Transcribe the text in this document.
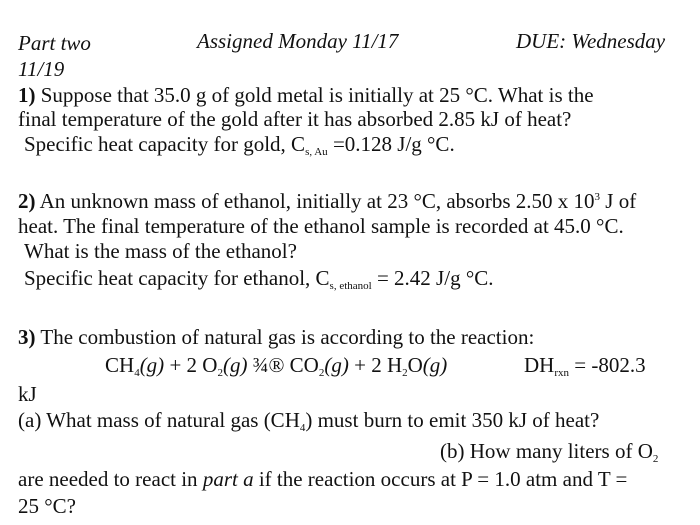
Part two	Assigned Monday 11/17	DUE: Wednesday
11/19
1) Suppose that 35.0 g of gold metal is initially at 25 °C. What is the
final temperature of the gold after it has absorbed 2.85 kJ of heat?
Specific heat capacity for gold, $C_{s, Au} =0.128$ J/g °C.
2) An unknown mass of ethanol, initially at 23 °C, absorbs 2.50 x $10^3$ J of
heat. The final temperature of the ethanol sample is recorded at 45.0 °C.
What is the mass of the ethanol?
Specific heat capacity for ethanol, $C_{s, ethanol} = 2.42$ J/g °C.
3) The combustion of natural gas is according to the reaction:
$CH_4(g) + 2$ $O_2(g)$ ¾® $CO_2(g) + 2$ $H_2O(g)$	$DH_{rxn} = -802.3$
kJ
(a) What mass of natural gas $(CH_4)$ must burn to emit 350 kJ of heat?
(b) How many liters of $O_2$
are needed to react in part a if the reaction occurs at P = 1.0 atm and T =
25 °C?
